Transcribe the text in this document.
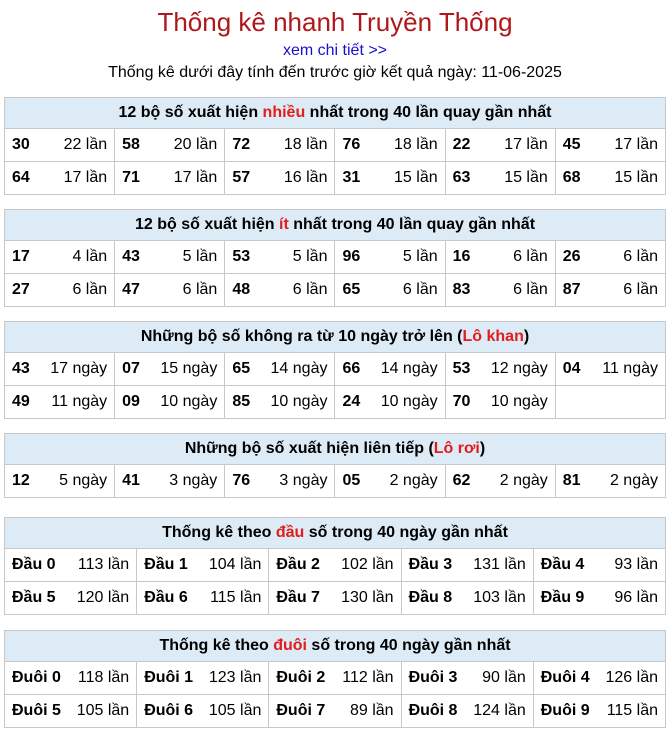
Thống kê nhanh Truyền Thống
xem chi tiết >>
Thống kê dưới đây tính đến trước giờ kết quả ngày: 11-06-2025
12 bộ số xuất hiện nhiều nhất trong 40 lần quay gần nhất					

30 22 lần	58 20 lần	72 18 lần	76 18 lần	22 17 lần	45 17 lần

64 17 lần	71 17 lần	57 16 lần	31 15 lần	63 15 lần	68 15 lần
12 bộ số xuất hiện ít nhất trong 40 lần quay gần nhất					

17 4 lần	43 5 lần	53 5 lần	96 5 lần	16 6 lần	26 6 lần

27 6 lần	47 6 lần	48 6 lần	65 6 lần	83 6 lần	87 6 lần
Những bộ số không ra từ 10 ngày trở lên (Lô khan)					

43 17 ngày	07 15 ngày	65 14 ngày	66 14 ngày	53 12 ngày	04 11 ngày

49 11 ngày	09 10 ngày	85 10 ngày	24 10 ngày	70 10 ngày	

Những bộ số xuất hiện liên tiếp (Lô rơi)

12 5 ngày	41 3 ngày	76 3 ngày	05 2 ngày	62 2 ngày	81 2 ngày
Thống kê theo đầu số trong 40 ngày gần nhất				

Đầu 0 113 lần	Đầu 1 104 lần	Đầu 2 102 lần	Đầu 3 131 lần	Đầu 4 93 lần

Đầu 5 120 lần	Đầu 6 115 lần	Đầu 7 130 lần	Đầu 8 103 lần	Đầu 9 96 lần
Thống kê theo đuôi số trong 40 ngày gần nhất				

Đuôi 0 118 lần	Đuôi 1 123 lần	Đuôi 2 112 lần	Đuôi 3 90 lần	Đuôi 4 126 lần

Đuôi 5 105 lần	Đuôi 6 105 lần	Đuôi 7 89 lần	Đuôi 8 124 lần	Đuôi 9 115 lần
